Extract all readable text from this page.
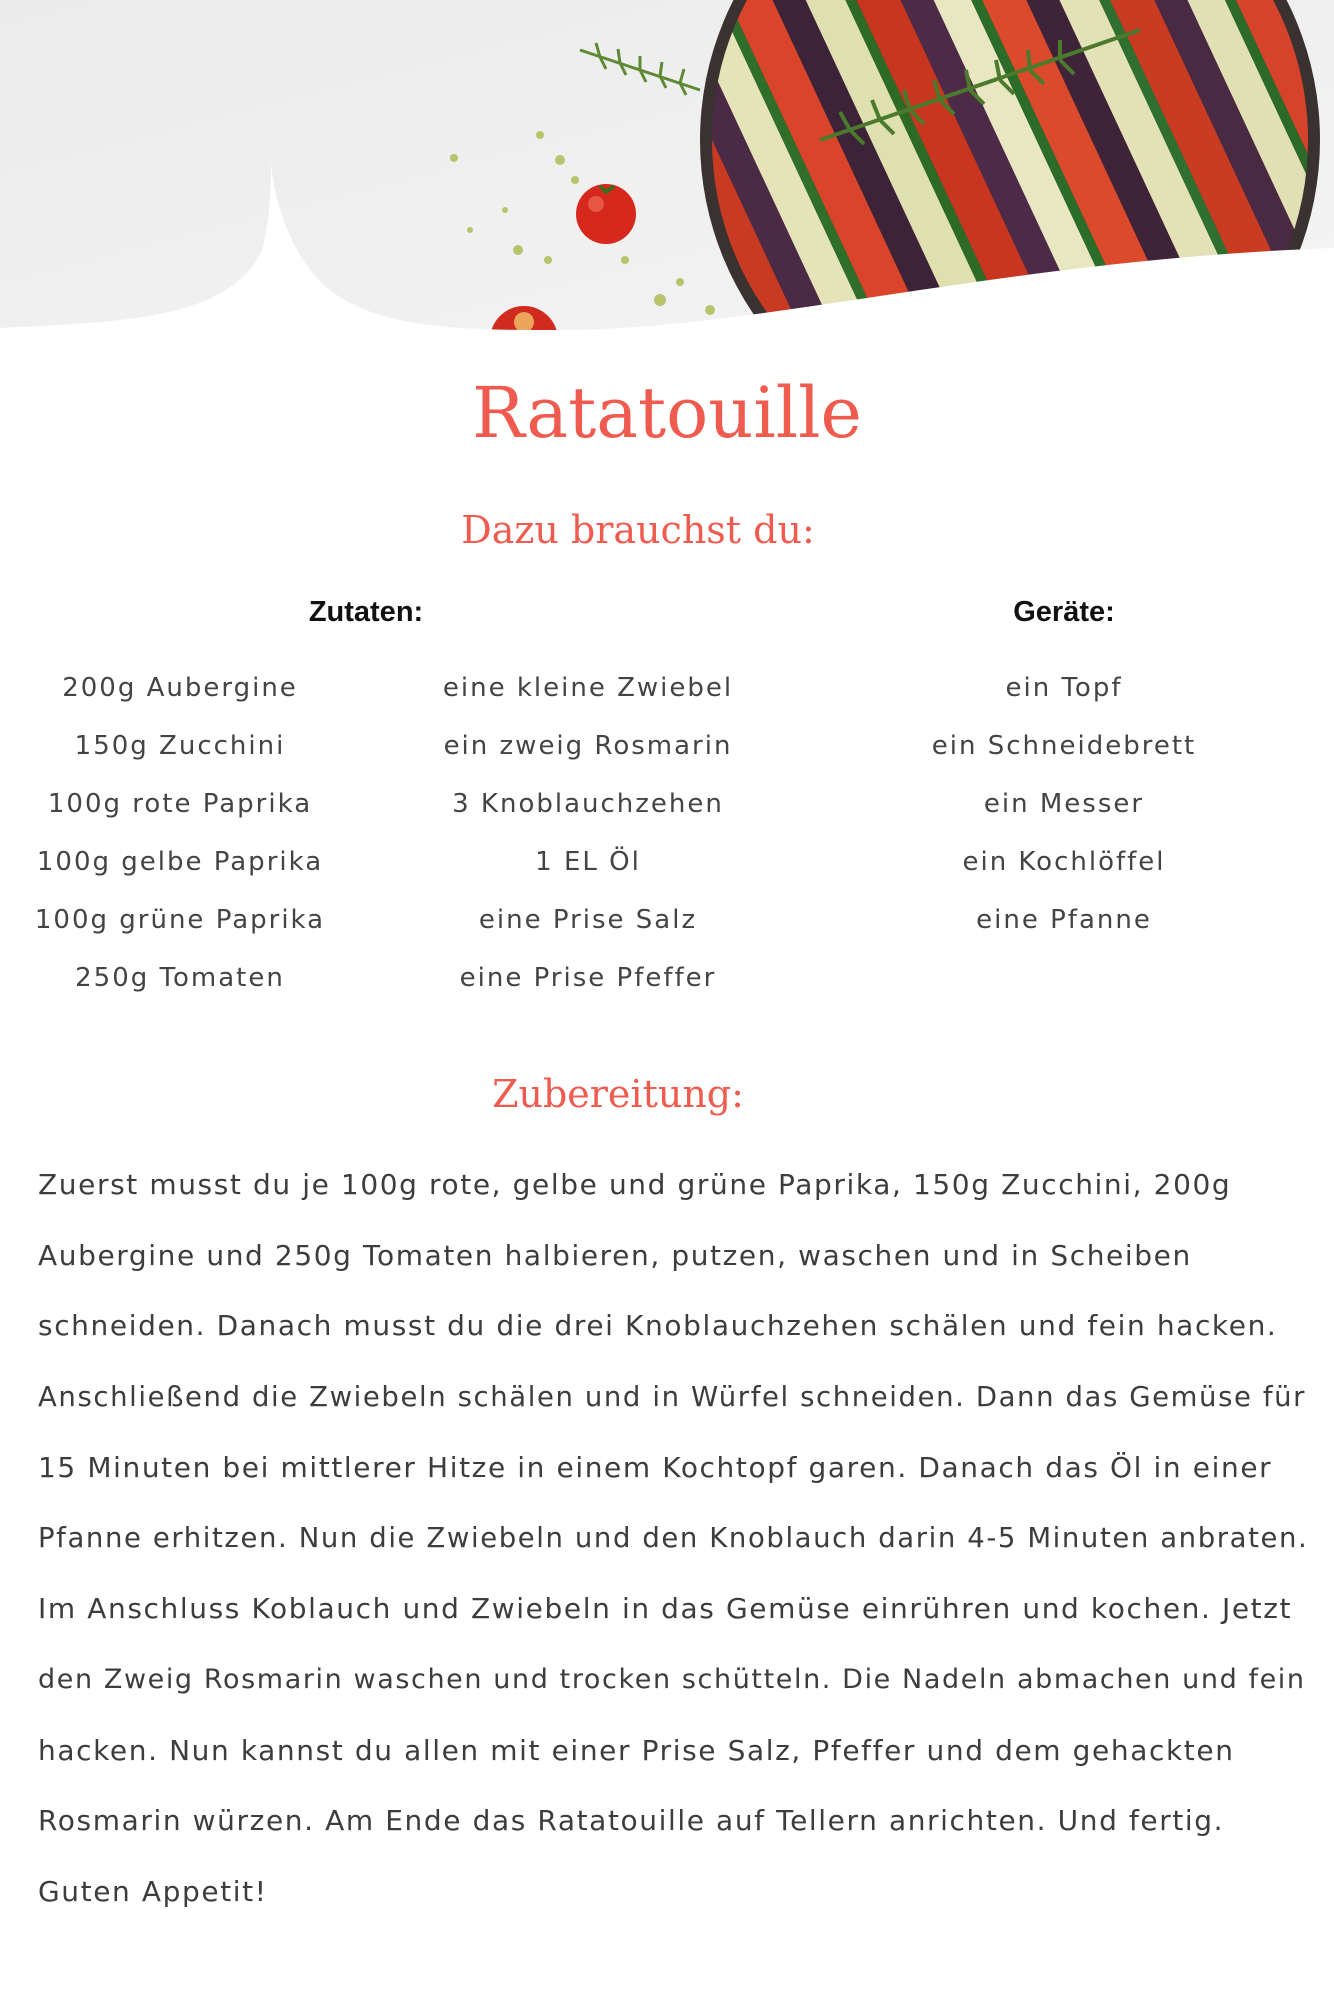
Ratatouille
Dazu brauchst du:
Zutaten:	Geräte:
200g Aubergine
150g Zucchini
100g rote Paprika
100g gelbe Paprika
100g grüne Paprika
250g Tomaten
eine kleine Zwiebel
ein zweig Rosmarin
3 Knoblauchzehen
1 EL Öl
eine Prise Salz
eine Prise Pfeffer
ein Topf
ein Schneidebrett
ein Messer
ein Kochlöffel
eine Pfanne
Zubereitung:

Zuerst musst du je 100g rote, gelbe und grüne Paprika, 150g Zucchini, 200g

Aubergine und 250g Tomaten halbieren, putzen, waschen und in Scheiben

schneiden. Danach musst du die drei Knoblauchzehen schälen und fein hacken.

Anschließend die Zwiebeln schälen und in Würfel schneiden. Dann das Gemüse für

15 Minuten bei mittlerer Hitze in einem Kochtopf garen. Danach das Öl in einer

Pfanne erhitzen. Nun die Zwiebeln und den Knoblauch darin 4-5 Minuten anbraten.

Im Anschluss Koblauch und Zwiebeln in das Gemüse einrühren und kochen. Jetzt

den Zweig Rosmarin waschen und trocken schütteln. Die Nadeln abmachen und fein

hacken. Nun kannst du allen mit einer Prise Salz, Pfeffer und dem gehackten

Rosmarin würzen. Am Ende das Ratatouille auf Tellern anrichten. Und fertig.

Guten Appetit!
